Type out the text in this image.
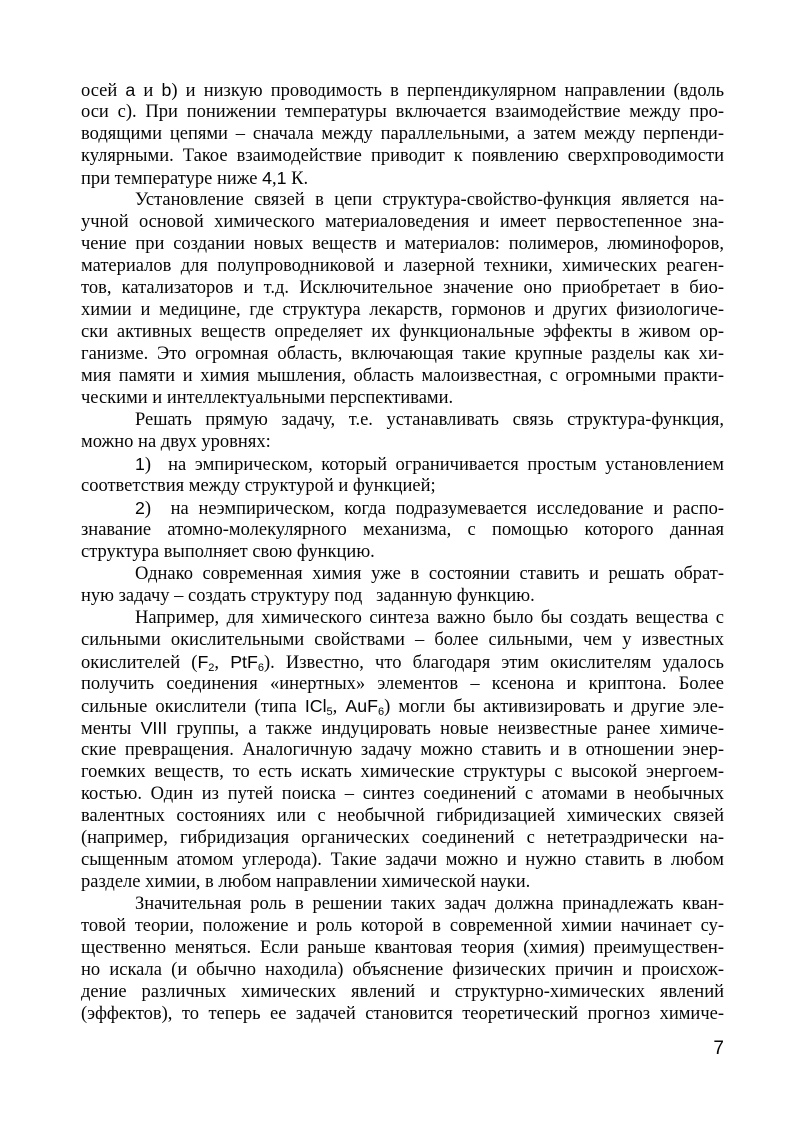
осей a и b) и низкую проводимость в перпендикулярном направлении (вдоль
оси с). При понижении температуры включается взаимодействие между про-
водящими цепями – сначала между параллельными, а затем между перпенди-
кулярными. Такое взаимодействие приводит к появлению сверхпроводимости
при температуре ниже 4,1 К.
Установление связей в цепи структура-свойство-функция является на-
учной основой химического материаловедения и имеет первостепенное зна-
чение при создании новых веществ и материалов: полимеров, люминофоров,
материалов для полупроводниковой и лазерной техники, химических реаген-
тов, катализаторов и т.д. Исключительное значение оно приобретает в био-
химии и медицине, где структура лекарств, гормонов и других физиологиче-
ски активных веществ определяет их функциональные эффекты в живом ор-
ганизме. Это огромная область, включающая такие крупные разделы как хи-
мия памяти и химия мышления, область малоизвестная, с огромными практи-
ческими и интеллектуальными перспективами.
Решать прямую задачу, т.е. устанавливать связь структура-функция,
можно на двух уровнях:
1)  на эмпирическом, который ограничивается простым установлением
соответствия между структурой и функцией;
2)  на неэмпирическом, когда подразумевается исследование и распо-
знавание атомно-молекулярного механизма, с помощью которого данная
структура выполняет свою функцию.
Однако современная химия уже в состоянии ставить и решать обрат-
ную задачу – создать структуру под   заданную функцию.
Например, для химического синтеза важно было бы создать вещества с
сильными окислительными свойствами – более сильными, чем у известных
окислителей ($F_2$, PtF$_6$). Известно, что благодаря этим окислителям удалось
получить соединения «инертных» элементов – ксенона и криптона. Более
сильные окислители (типа ICl$_5$, AuF$_6$) могли бы активизировать и другие эле-
менты VIII группы, а также индуцировать новые неизвестные ранее химиче-
ские превращения. Аналогичную задачу можно ставить и в отношении энер-
гоемких веществ, то есть искать химические структуры с высокой энергоем-
костью. Один из путей поиска – синтез соединений с атомами в необычных
валентных состояниях или с необычной гибридизацией химических связей
(например, гибридизация органических соединений с нететраэдрически на-
сыщенным атомом углерода). Такие задачи можно и нужно ставить в любом
разделе химии, в любом направлении химической науки.
Значительная роль в решении таких задач должна принадлежать кван-
товой теории, положение и роль которой в современной химии начинает су-
щественно меняться. Если раньше квантовая теория (химия) преимуществен-
но искала (и обычно находила) объяснение физических причин и происхож-
дение различных химических явлений и структурно-химических явлений
(эффектов), то теперь ее задачей становится теоретический прогноз химиче-
7
